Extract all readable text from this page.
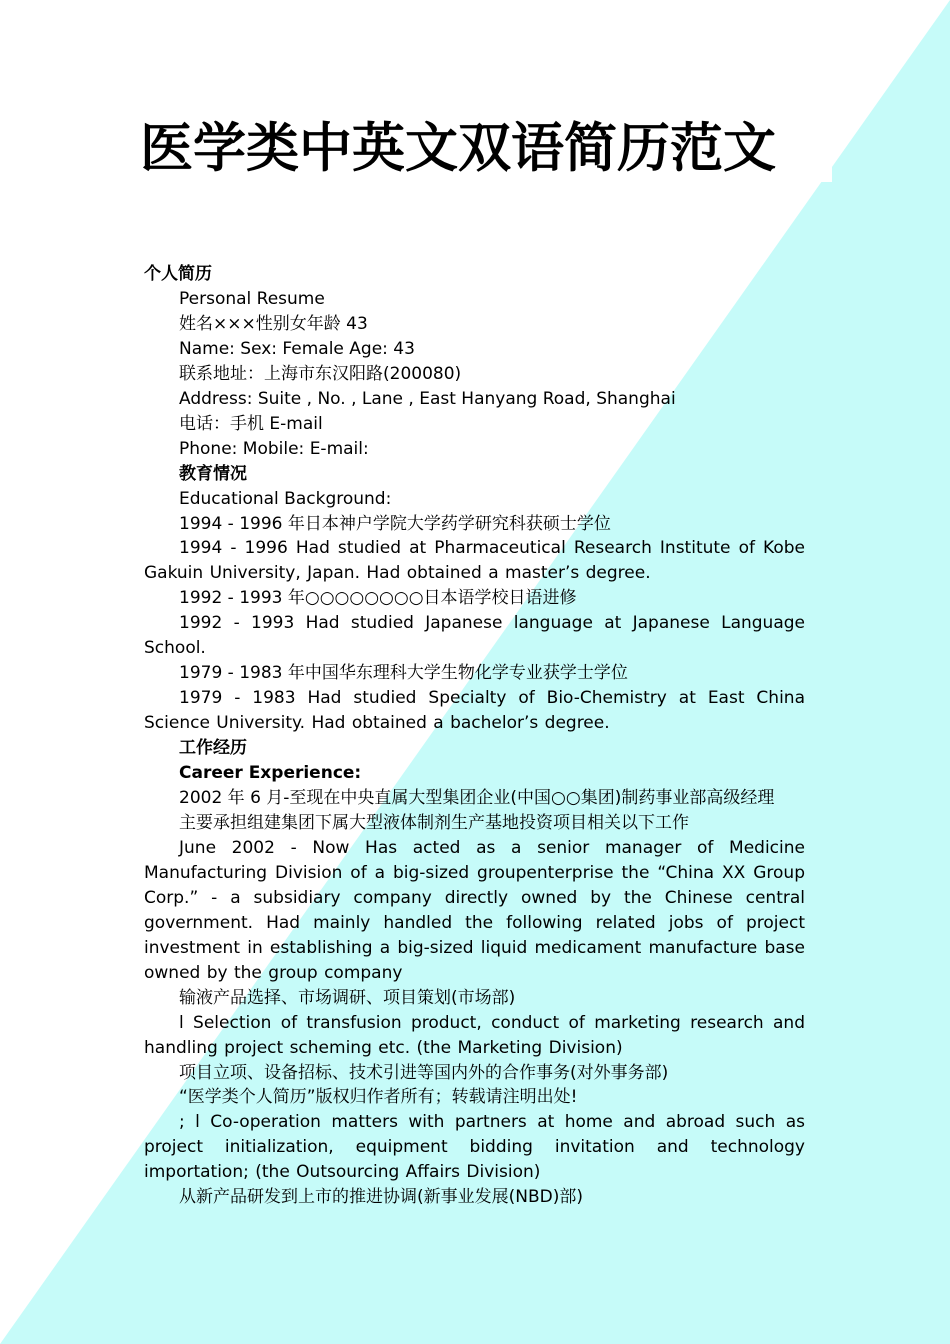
医学类中英文双语简历范文
个人简历
Personal Resume
姓名×××性别女年龄 43
Name: Sex: Female Age: 43
联系地址：上海市东汉阳路(200080)
Address: Suite , No. , Lane , East Hanyang Road, Shanghai
电话：手机 E-mail
Phone: Mobile: E-mail:
教育情况
Educational Background:
1994 - 1996 年日本神户学院大学药学研究科获硕士学位
1994 - 1996 Had studied at Pharmaceutical Research Institute of Kobe Gakuin University, Japan. Had obtained a master’s degree.
1992 - 1993 年○○○○○○○○日本语学校日语进修
1992 - 1993 Had studied Japanese language at Japanese Language School.
1979 - 1983 年中国华东理科大学生物化学专业获学士学位
1979 - 1983 Had studied Specialty of Bio-Chemistry at East China Science University. Had obtained a bachelor’s degree.
工作经历
Career Experience:
2002 年 6 月-至现在中央直属大型集团企业(中国○○集团)制药事业部高级经理
主要承担组建集团下属大型液体制剂生产基地投资项目相关以下工作
June 2002 - Now Has acted as a senior manager of Medicine Manufacturing Division of a big-sized groupenterprise the “China XX Group Corp.” - a subsidiary company directly owned by the Chinese central government. Had mainly handled the following related jobs of project investment in establishing a big-sized liquid medicament manufacture base owned by the group company
输液产品选择、市场调研、项目策划(市场部)
l Selection of transfusion product, conduct of marketing research and handling project scheming etc. (the Marketing Division)
项目立项、设备招标、技术引进等国内外的合作事务(对外事务部)
“医学类个人简历”版权归作者所有；转载请注明出处!
; l Co-operation matters with partners at home and abroad such as project initialization, equipment bidding invitation and technology importation; (the Outsourcing Affairs Division)
从新产品研发到上市的推进协调(新事业发展(NBD)部)
